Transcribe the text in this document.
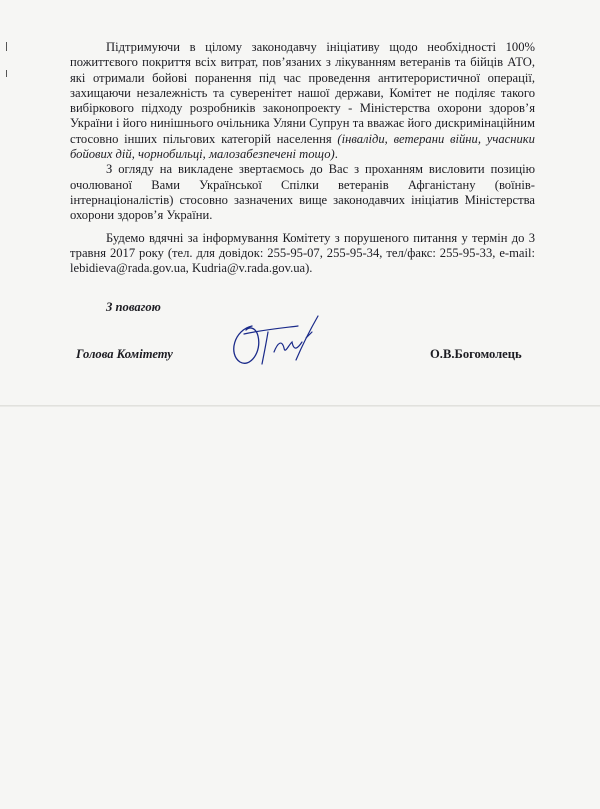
Підтримуючи в цілому законодавчу ініціативу щодо необхідності 100% пожиттєвого покриття всіх витрат, пов’язаних з лікуванням ветеранів та бійців АТО, які отримали бойові поранення під час проведення антитерористичної операції, захищаючи незалежність та суверенітет нашої держави, Комітет не поділяє такого вибіркового підходу розробників законопроекту - Міністерства охорони здоров’я України і його нинішнього очільника Уляни Супрун та вважає його дискримінаційним стосовно інших пільгових категорій населення (інваліди, ветерани війни, учасники бойових дій, чорнобильці, малозабезпечені тощо).

З огляду на викладене звертаємось до Вас з проханням висловити позицію очолюваної Вами Української Спілки ветеранів Афганістану (воїнів-інтернаціоналістів) стосовно зазначених вище законодавчих ініціатив Міністерства охорони здоров’я України.

Будемо вдячні за інформування Комітету з порушеного питання у термін до 3 травня 2017 року (тел. для довідок: 255-95-07, 255-95-34, тел/факс: 255-95-33, e-mail: lebidieva@rada.gov.ua, Kudria@v.rada.gov.ua).

З повагою
Голова Комітету	О.В.Богомолець
